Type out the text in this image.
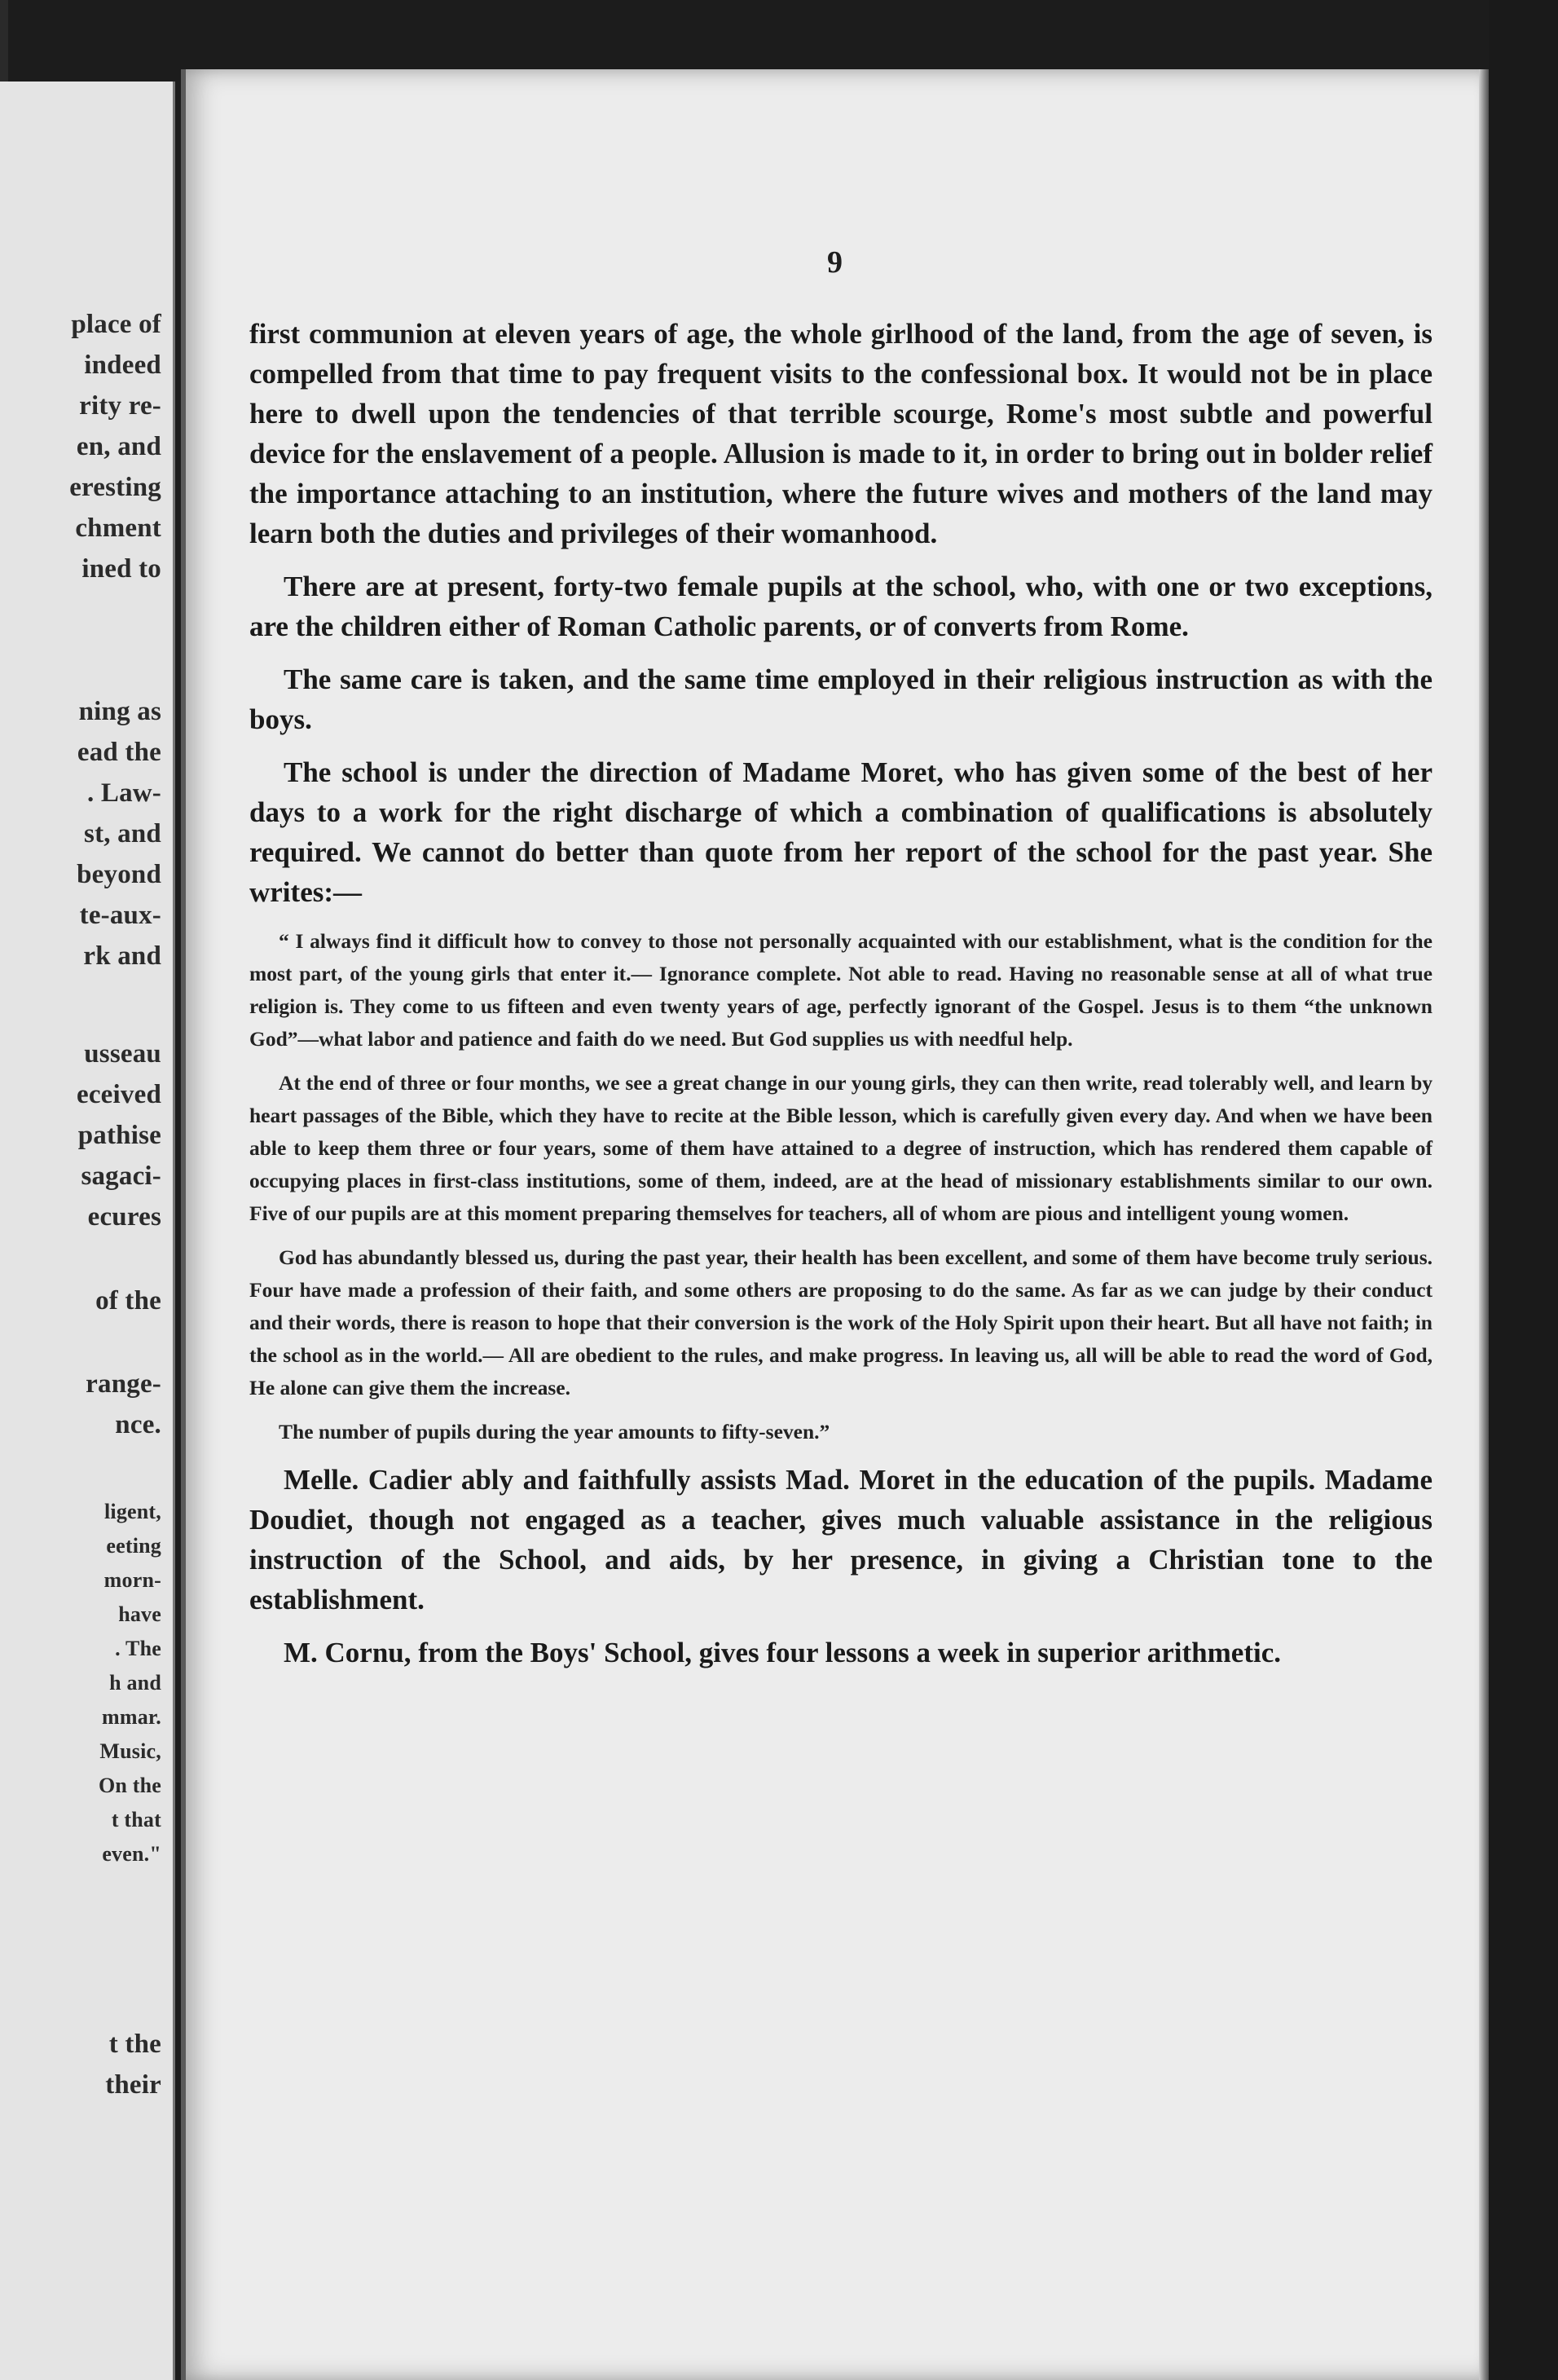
place of
indeed
rity re-
en, and
eresting
chment
ined to
ning as
ead the
. Law-
st, and
beyond
te-aux-
rk and
usseau
eceived
pathise
sagaci-
ecures
of the
range-
nce.
ligent,
eeting
morn-
have
. The
h and
mmar.
Music,
On the
t that
even."
t the
their
9

first communion at eleven years of age, the whole girlhood of the land, from the age of seven, is compelled from that time to pay frequent visits to the confessional box. It would not be in place here to dwell upon the tendencies of that terrible scourge, Rome's most subtle and powerful device for the enslavement of a people. Allusion is made to it, in order to bring out in bolder relief the importance attaching to an institution, where the future wives and mothers of the land may learn both the duties and privileges of their womanhood.

There are at present, forty-two female pupils at the school, who, with one or two exceptions, are the children either of Roman Catholic parents, or of converts from Rome.

The same care is taken, and the same time employed in their religious instruction as with the boys.

The school is under the direction of Madame Moret, who has given some of the best of her days to a work for the right discharge of which a combination of qualifications is absolutely required. We cannot do better than quote from her report of the school for the past year. She writes:—

“ I always find it difficult how to convey to those not personally acquainted with our establishment, what is the condition for the most part, of the young girls that enter it.— Ignorance complete. Not able to read. Having no reasonable sense at all of what true religion is. They come to us fifteen and even twenty years of age, perfectly ignorant of the Gospel. Jesus is to them “the unknown God”—what labor and patience and faith do we need. But God supplies us with needful help.

At the end of three or four months, we see a great change in our young girls, they can then write, read tolerably well, and learn by heart passages of the Bible, which they have to recite at the Bible lesson, which is carefully given every day. And when we have been able to keep them three or four years, some of them have attained to a degree of instruction, which has rendered them capable of occupying places in first-class institutions, some of them, indeed, are at the head of missionary establishments similar to our own. Five of our pupils are at this moment preparing themselves for teachers, all of whom are pious and intelligent young women.

God has abundantly blessed us, during the past year, their health has been excellent, and some of them have become truly serious. Four have made a profession of their faith, and some others are proposing to do the same. As far as we can judge by their conduct and their words, there is reason to hope that their conversion is the work of the Holy Spirit upon their heart. But all have not faith; in the school as in the world.— All are obedient to the rules, and make progress. In leaving us, all will be able to read the word of God, He alone can give them the increase.

The number of pupils during the year amounts to fifty-seven.”

Melle. Cadier ably and faithfully assists Mad. Moret in the education of the pupils. Madame Doudiet, though not engaged as a teacher, gives much valuable assistance in the religious instruction of the School, and aids, by her presence, in giving a Christian tone to the establishment.

M. Cornu, from the Boys' School, gives four lessons a week in superior arithmetic.
